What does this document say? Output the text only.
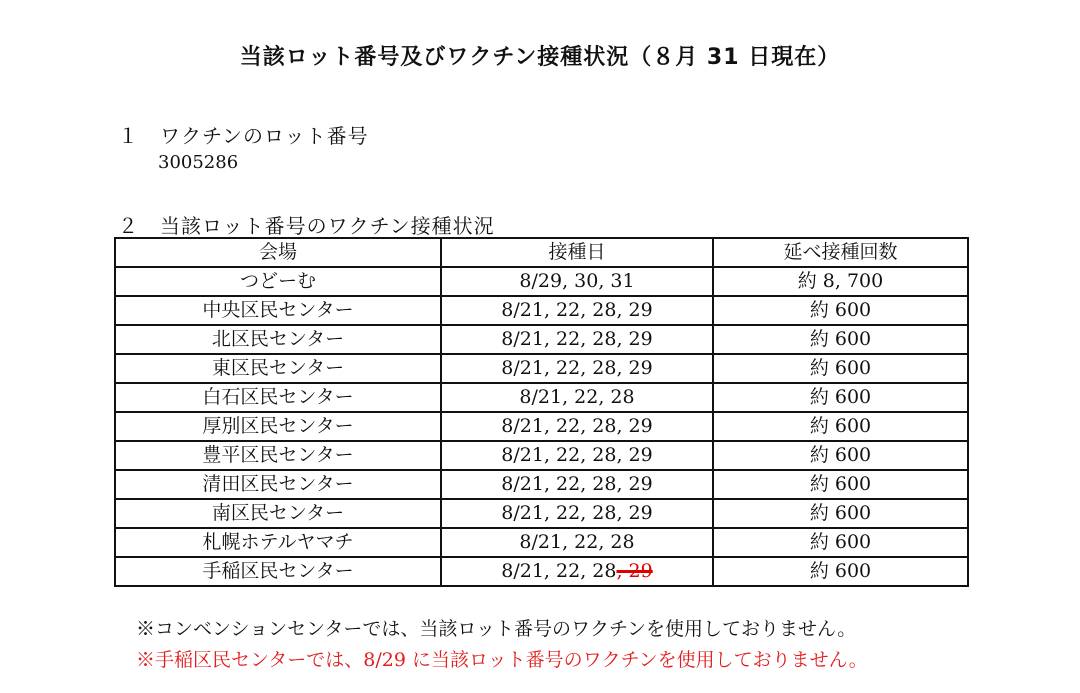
当該ロット番号及びワクチン接種状況（８月 31 日現在）
１ ワクチンのロット番号
3005286
２ 当該ロット番号のワクチン接種状況
会場	接種日	延べ接種回数
つどーむ	8/29, 30, 31	約 8, 700
中央区民センター	8/21, 22, 28, 29	約 600
北区民センター	8/21, 22, 28, 29	約 600
東区民センター	8/21, 22, 28, 29	約 600
白石区民センター	8/21, 22, 28	約 600
厚別区民センター	8/21, 22, 28, 29	約 600
豊平区民センター	8/21, 22, 28, 29	約 600
清田区民センター	8/21, 22, 28, 29	約 600
南区民センター	8/21, 22, 28, 29	約 600
札幌ホテルヤマチ	8/21, 22, 28	約 600
手稲区民センター	8/21, 22, 28, 29	約 600
※コンベンションセンターでは、当該ロット番号のワクチンを使用しておりません。
※手稲区民センターでは、8/29 に当該ロット番号のワクチンを使用しておりません。
